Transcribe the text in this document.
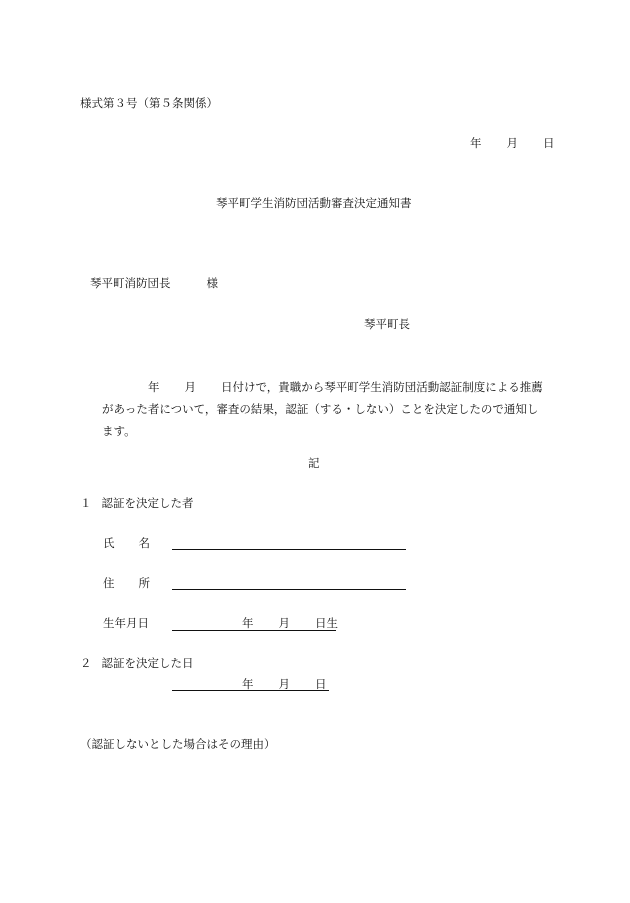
様式第３号（第５条関係）
年 月 日
琴平町学生消防団活動審査決定通知書
琴平町消防団長	様
琴平町長

年 月 日付けで，貴職から琴平町学生消防団活動認証制度による推薦

があった者について，審査の結果，認証（する・しない）ことを決定したので通知し

ます。

記
１ 認証を決定した者
氏 名
住 所
生年月日	年 月 日生
２ 認証を決定した日
年 月 日
（認証しないとした場合はその理由）
